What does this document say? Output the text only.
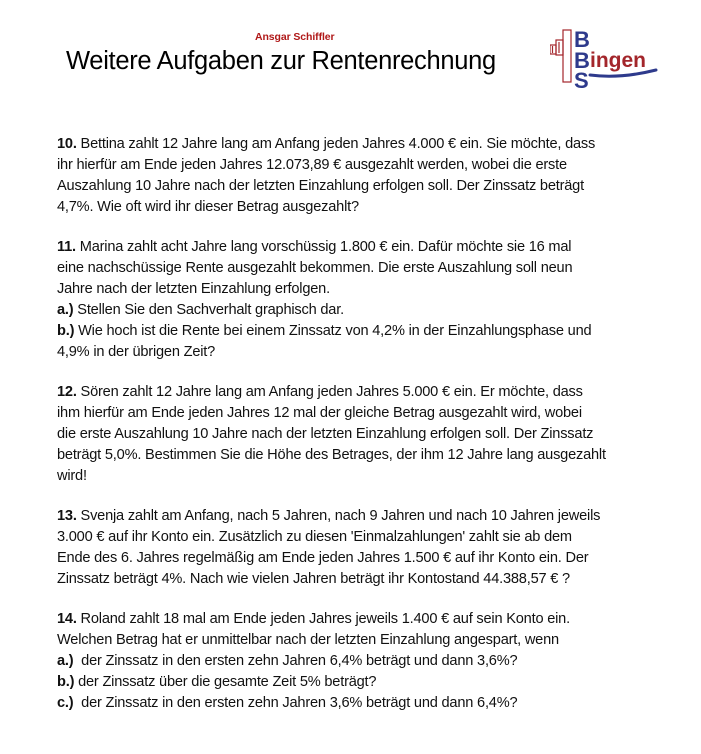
Ansgar Schiffler
Weitere Aufgaben zur Rentenrechnung
B
B
S
ingen
10. Bettina zahlt 12 Jahre lang am Anfang jeden Jahres 4.000 € ein. Sie möchte, dass
ihr hierfür am Ende jeden Jahres 12.073,89 € ausgezahlt werden, wobei die erste
Auszahlung 10 Jahre nach der letzten Einzahlung erfolgen soll. Der Zinssatz beträgt
4,7%. Wie oft wird ihr dieser Betrag ausgezahlt?
11. Marina zahlt acht Jahre lang vorschüssig 1.800 € ein. Dafür möchte sie 16 mal
eine nachschüssige Rente ausgezahlt bekommen. Die erste Auszahlung soll neun
Jahre nach der letzten Einzahlung erfolgen.
a.) Stellen Sie den Sachverhalt graphisch dar.
b.) Wie hoch ist die Rente bei einem Zinssatz von 4,2% in der Einzahlungsphase und
4,9% in der übrigen Zeit?
12. Sören zahlt 12 Jahre lang am Anfang jeden Jahres 5.000 € ein. Er möchte, dass
ihm hierfür am Ende jeden Jahres 12 mal der gleiche Betrag ausgezahlt wird, wobei
die erste Auszahlung 10 Jahre nach der letzten Einzahlung erfolgen soll. Der Zinssatz
beträgt 5,0%. Bestimmen Sie die Höhe des Betrages, der ihm 12 Jahre lang ausgezahlt
wird!
13. Svenja zahlt am Anfang, nach 5 Jahren, nach 9 Jahren und nach 10 Jahren jeweils
3.000 € auf ihr Konto ein. Zusätzlich zu diesen 'Einmalzahlungen' zahlt sie ab dem
Ende des 6. Jahres regelmäßig am Ende jeden Jahres 1.500 € auf ihr Konto ein. Der
Zinssatz beträgt 4%. Nach wie vielen Jahren beträgt ihr Kontostand 44.388,57 € ?
14. Roland zahlt 18 mal am Ende jeden Jahres jeweils 1.400 € auf sein Konto ein.
Welchen Betrag hat er unmittelbar nach der letzten Einzahlung angespart, wenn
a.)  der Zinssatz in den ersten zehn Jahren 6,4% beträgt und dann 3,6%?
b.) der Zinssatz über die gesamte Zeit 5% beträgt?
c.)  der Zinssatz in den ersten zehn Jahren 3,6% beträgt und dann 6,4%?
